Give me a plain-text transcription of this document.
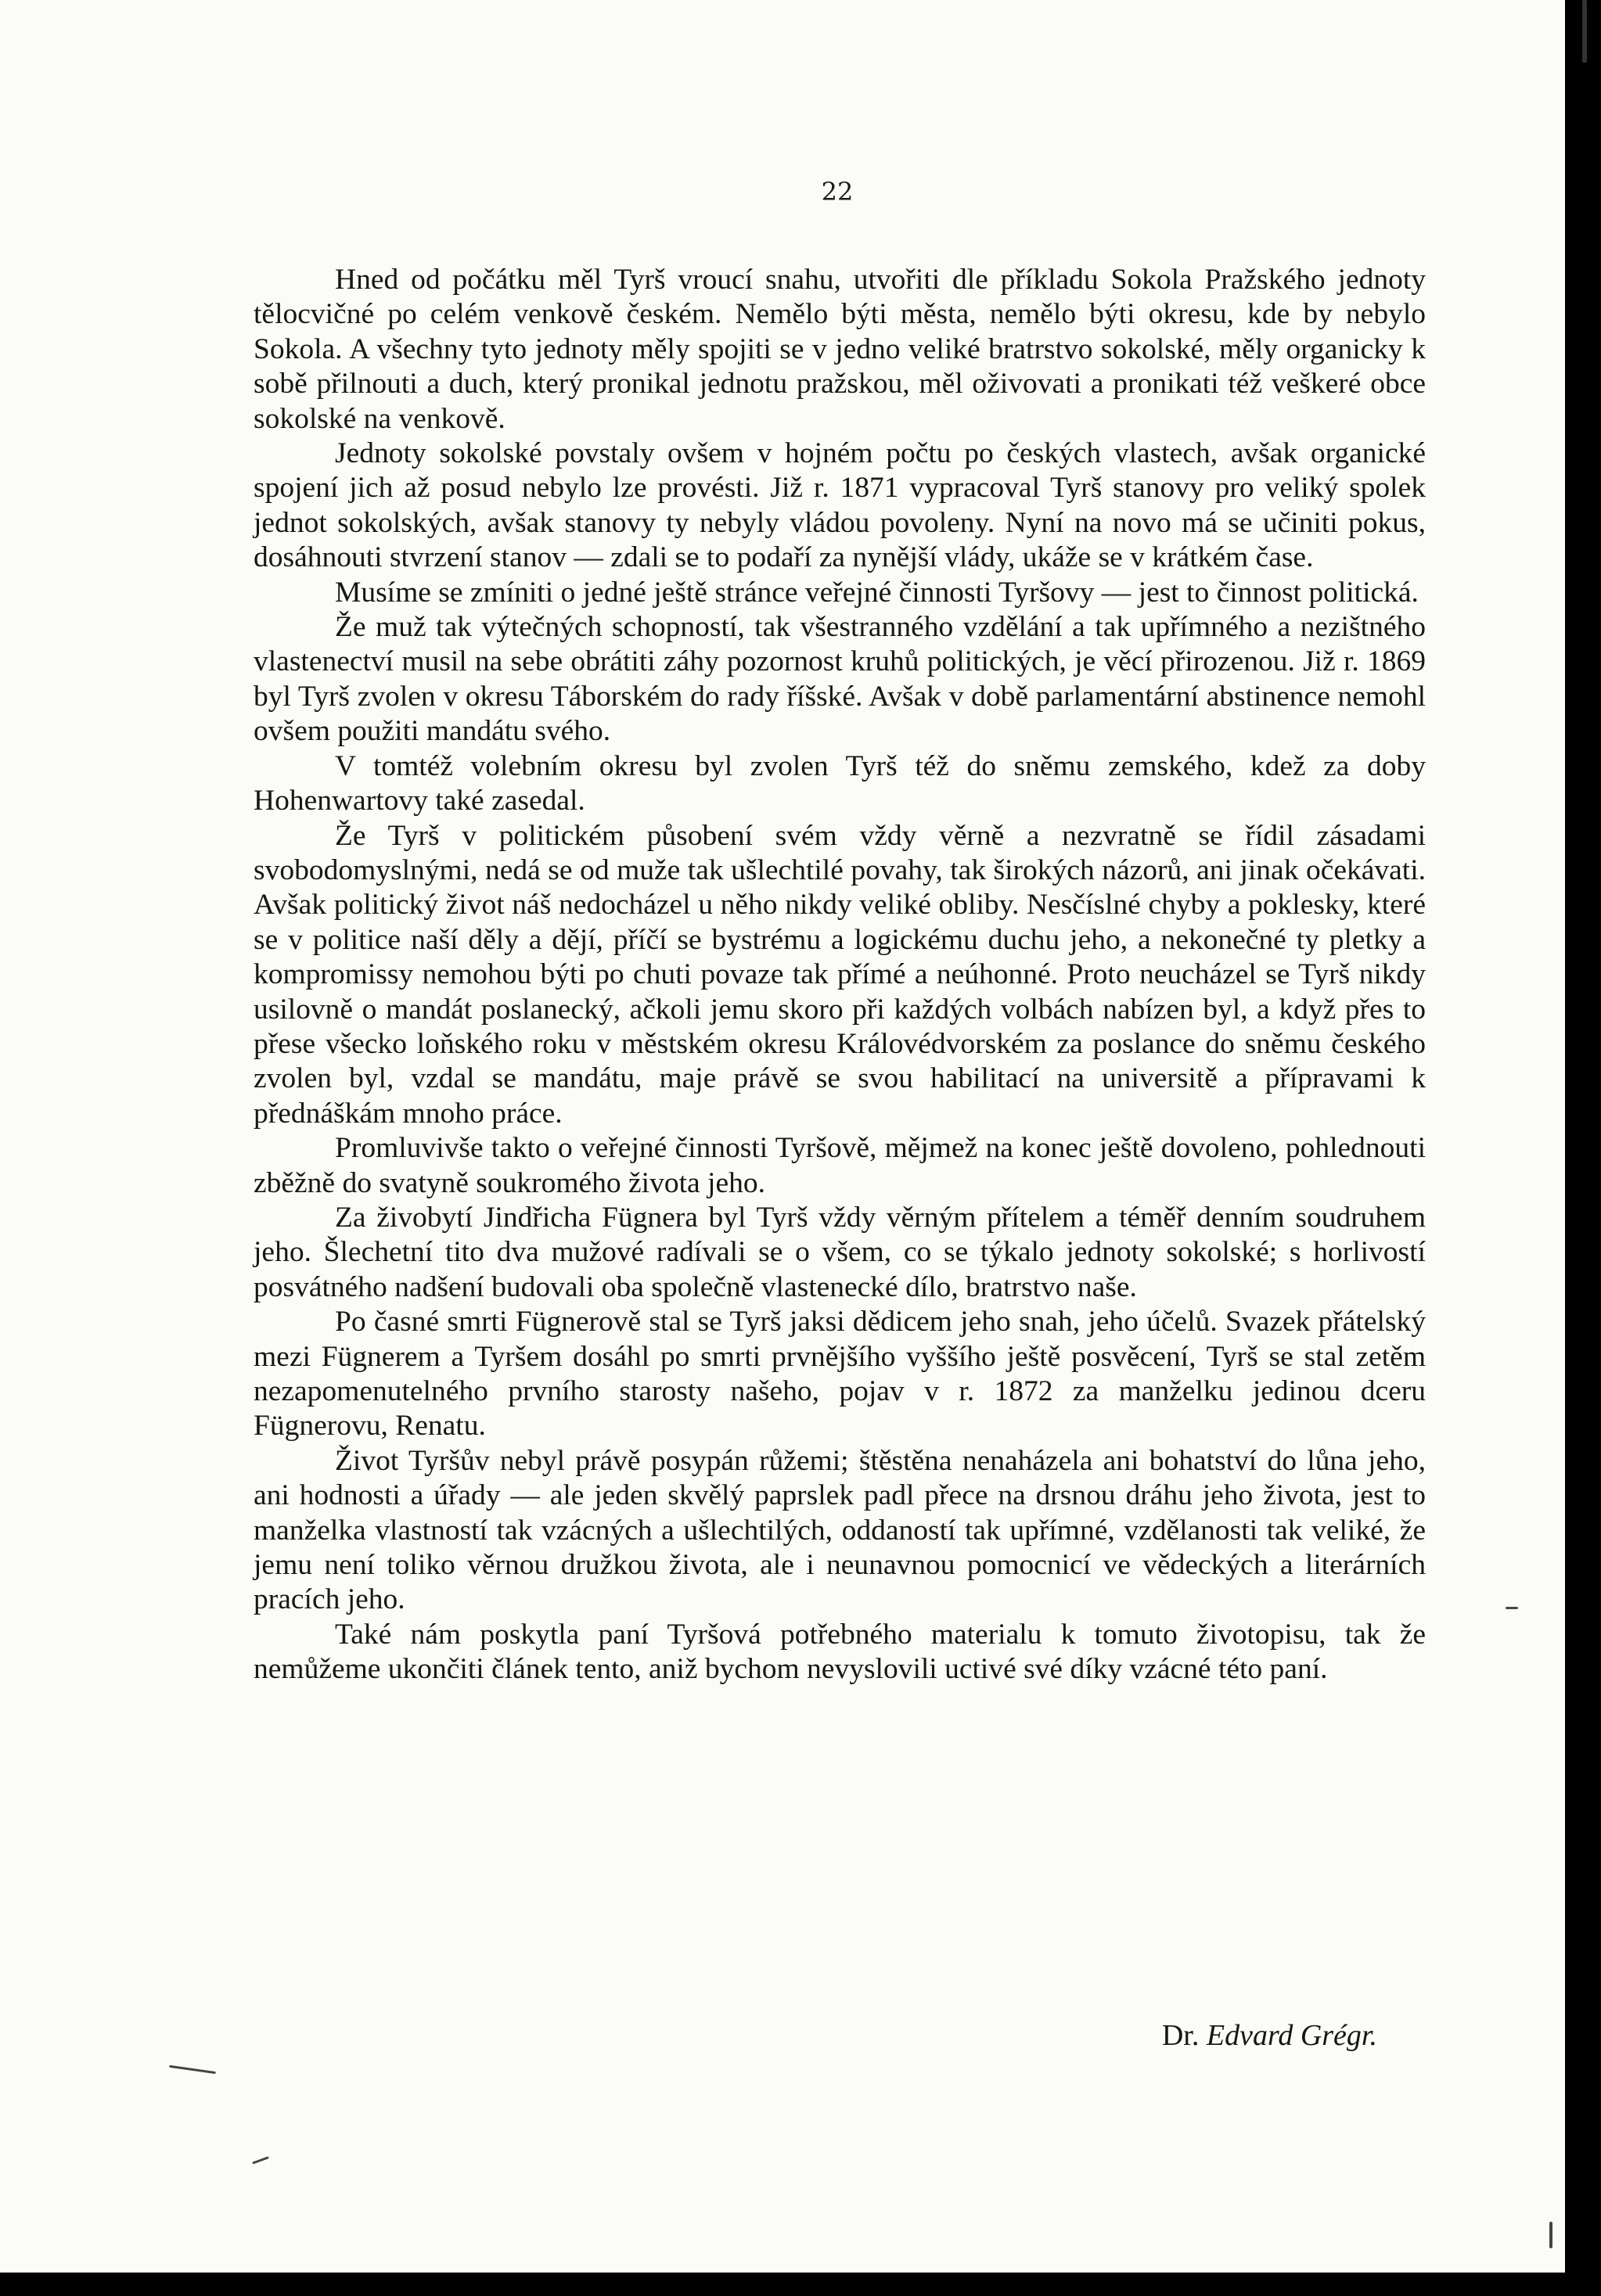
22

Hned od počátku měl Tyrš vroucí snahu, utvořiti dle příkladu Sokola Pražského jednoty tělocvičné po celém venkově českém. Nemělo býti města, nemělo býti okresu, kde by nebylo Sokola. A všechny tyto jednoty měly spojiti se v jedno veliké bratrstvo sokolské, měly organicky k sobě přilnouti a duch, který pronikal jednotu pražskou, měl oživovati a pronikati též veškeré obce sokolské na venkově.

Jednoty sokolské povstaly ovšem v hojném počtu po českých vlastech, avšak organické spojení jich až posud nebylo lze provésti. Již r. 1871 vypracoval Tyrš stanovy pro veliký spolek jednot sokolských, avšak stanovy ty nebyly vládou povoleny. Nyní na novo má se učiniti pokus, dosáhnouti stvrzení stanov — zdali se to podaří za nynější vlády, ukáže se v krátkém čase.

Musíme se zmíniti o jedné ještě stránce veřejné činnosti Tyršovy — jest to činnost politická.

Že muž tak výtečných schopností, tak všestranného vzdělání a tak upřímného a nezištného vlastenectví musil na sebe obrátiti záhy pozornost kruhů politických, je věcí přirozenou. Již r. 1869 byl Tyrš zvolen v okresu Táborském do rady říšské. Avšak v době parlamentární abstinence nemohl ovšem použiti mandátu svého.

V tomtéž volebním okresu byl zvolen Tyrš též do sněmu zemského, kdež za doby Hohenwartovy také zasedal.

Že Tyrš v politickém působení svém vždy věrně a nezvratně se řídil zásadami svobodomyslnými, nedá se od muže tak ušlechtilé povahy, tak širokých názorů, ani jinak očekávati. Avšak politický život náš nedocházel u něho nikdy veliké obliby. Nesčíslné chyby a poklesky, které se v politice naší děly a dějí, příčí se bystrému a logickému duchu jeho, a nekonečné ty pletky a kompromissy nemohou býti po chuti povaze tak přímé a neúhonné. Proto neucházel se Tyrš nikdy usilovně o mandát poslanecký, ačkoli jemu skoro při každých volbách nabízen byl, a když přes to přese všecko loňského roku v městském okresu Královédvorském za poslance do sněmu českého zvolen byl, vzdal se mandátu, maje právě se svou habilitací na universitě a přípravami k přednáškám mnoho práce.

Promluvivše takto o veřejné činnosti Tyršově, mějmež na konec ještě dovoleno, pohlednouti zběžně do svatyně soukromého života jeho.

Za živobytí Jindřicha Fügnera byl Tyrš vždy věrným přítelem a téměř denním soudruhem jeho. Šlechetní tito dva mužové radívali se o všem, co se týkalo jednoty sokolské; s horlivostí posvátného nadšení budovali oba společně vlastenecké dílo, bratrstvo naše.

Po časné smrti Fügnerově stal se Tyrš jaksi dědicem jeho snah, jeho účelů. Svazek přátelský mezi Fügnerem a Tyršem dosáhl po smrti prvnějšího vyššího ještě posvěcení, Tyrš se stal zetěm nezapomenutelného prvního starosty našeho, pojav v r. 1872 za manželku jedinou dceru Fügnerovu, Renatu.

Život Tyršův nebyl právě posypán růžemi; štěstěna nenaházela ani bohatství do lůna jeho, ani hodnosti a úřady — ale jeden skvělý paprslek padl přece na drsnou dráhu jeho života, jest to manželka vlastností tak vzácných a ušlechtilých, oddaností tak upřímné, vzdělanosti tak veliké, že jemu není toliko věrnou družkou života, ale i neunavnou pomocnicí ve vědeckých a literárních pracích jeho.

Také nám poskytla paní Tyršová potřebného materialu k tomuto životopisu, tak že nemůžeme ukončiti článek tento, aniž bychom nevyslovili uctivé své díky vzácné této paní.

Dr. Edvard Grégr.
